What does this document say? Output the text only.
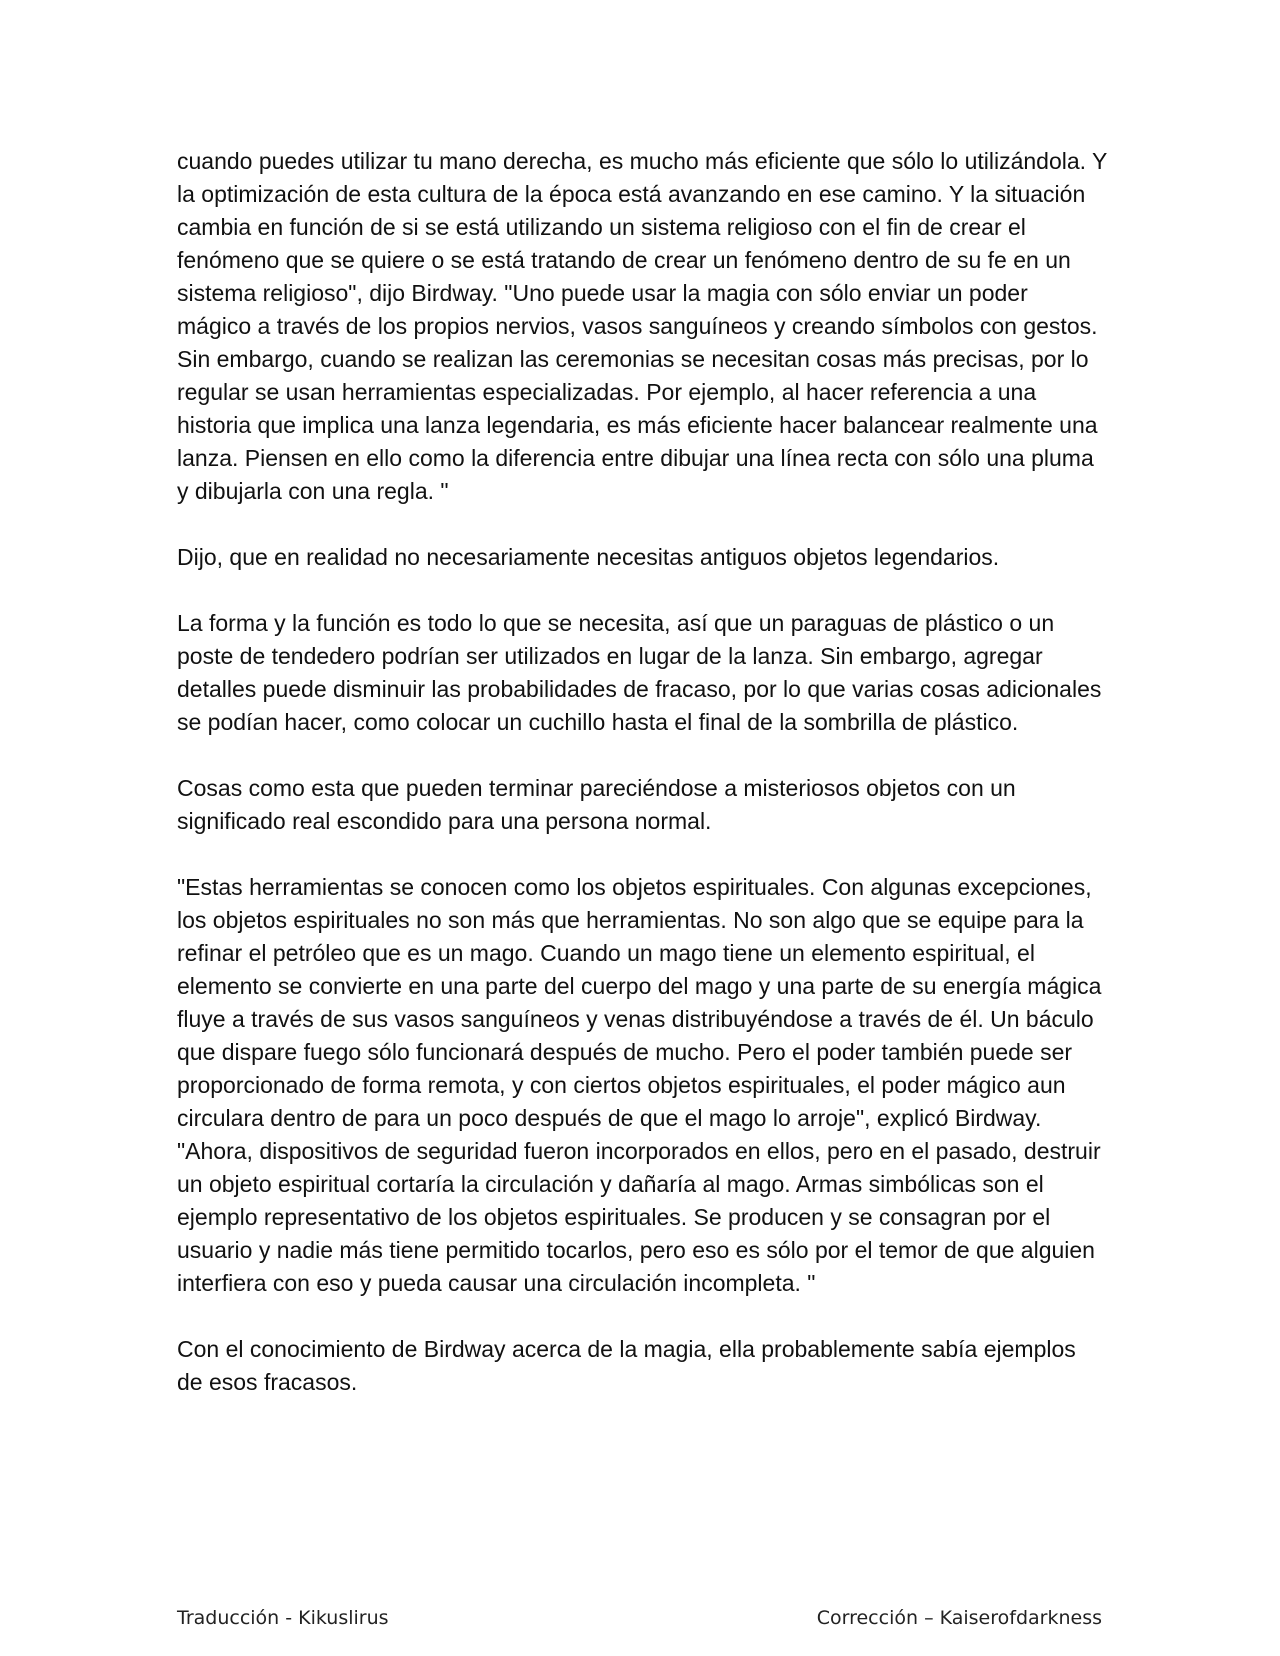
cuando puedes utilizar tu mano derecha, es mucho más eficiente que sólo lo utilizándola. Y la optimización de esta cultura de la época está avanzando en ese camino. Y la situación cambia en función de si se está utilizando un sistema religioso con el fin de crear el fenómeno que se quiere o se está tratando de crear un fenómeno dentro de su fe en un sistema religioso", dijo Birdway. "Uno puede usar la magia con sólo enviar un poder mágico a través de los propios nervios, vasos sanguíneos y creando símbolos con gestos. Sin embargo, cuando se realizan las ceremonias se necesitan cosas más precisas, por lo regular se usan herramientas especializadas. Por ejemplo, al hacer referencia a una historia que implica una lanza legendaria, es más eficiente hacer balancear realmente una lanza. Piensen en ello como la diferencia entre dibujar una línea recta con sólo una pluma y dibujarla con una regla. "

Dijo, que en realidad no necesariamente necesitas antiguos objetos legendarios.

La forma y la función es todo lo que se necesita, así que un paraguas de plástico o un poste de tendedero podrían ser utilizados en lugar de la lanza. Sin embargo, agregar detalles puede disminuir las probabilidades de fracaso, por lo que varias cosas adicionales se podían hacer, como colocar un cuchillo hasta el final de la sombrilla de plástico.

Cosas como esta que pueden terminar pareciéndose a misteriosos objetos con un significado real escondido para una persona normal.

"Estas herramientas se conocen como los objetos espirituales. Con algunas excepciones, los objetos espirituales no son más que herramientas. No son algo que se equipe para la refinar el petróleo que es un mago. Cuando un mago tiene un elemento espiritual, el elemento se convierte en una parte del cuerpo del mago y una parte de su energía mágica fluye a través de sus vasos sanguíneos y venas distribuyéndose a través de él. Un báculo que dispare fuego sólo funcionará después de mucho. Pero el poder también puede ser proporcionado de forma remota, y con ciertos objetos espirituales, el poder mágico aun circulara dentro de para un poco después de que el mago lo arroje", explicó Birdway. "Ahora, dispositivos de seguridad fueron incorporados en ellos, pero en el pasado, destruir un objeto espiritual cortaría la circulación y dañaría al mago. Armas simbólicas son el ejemplo representativo de los objetos espirituales. Se producen y se consagran por el usuario y nadie más tiene permitido tocarlos, pero eso es sólo por el temor de que alguien interfiera con eso y pueda causar una circulación incompleta. "

Con el conocimiento de Birdway acerca de la magia, ella probablemente sabía ejemplos de esos fracasos.

Traducción - Kikuslirus	Corrección – Kaiserofdarkness
